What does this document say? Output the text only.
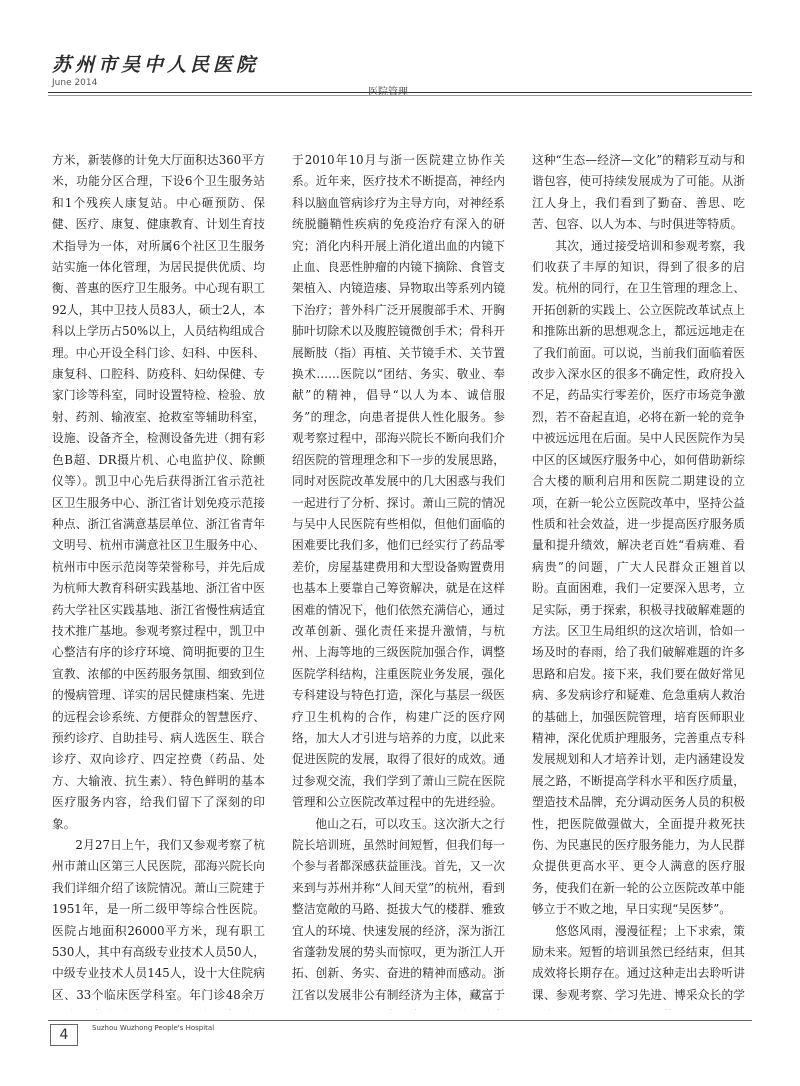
苏州市吴中人民医院
June 2014
医院管理

方米，新装修的计免大厅面积达360平方米，功能分区合理，下设6个卫生服务站和1个残疾人康复站。中心砸预防、保健、医疗、康复、健康教育、计划生育技术指导为一体，对所属6个社区卫生服务站实施一体化管理，为居民提供优质、均衡、普惠的医疗卫生服务。中心现有职工92人，其中卫技人员83人，硕士2人，本科以上学历占50%以上，人员结构组成合理。中心开设全科门诊、妇科、中医科、康复科、口腔科、防疫科、妇幼保健、专家门诊等科室，同时设置特检、检验、放射、药剂、输液室、抢救室等辅助科室，设施、设备齐全，检测设备先进（拥有彩色B超、DR摄片机、心电监护仪、除颤仪等）。凯卫中心先后获得浙江省示范社区卫生服务中心、浙江省计划免疫示范接种点、浙江省满意基层单位、浙江省青年文明号、杭州市满意社区卫生服务中心、杭州市中医示范岗等荣誉称号，并先后成为杭师大教育科研实践基地、浙江省中医药大学社区实践基地、浙江省慢性病适宜技术推广基地。参观考察过程中，凯卫中心整洁有序的诊疗环境、简明扼要的卫生宣教、浓郁的中医药服务氛围、细致到位的慢病管理、详实的居民健康档案、先进的远程会诊系统、方便群众的智慧医疗、预约诊疗、自助挂号、病人选医生、联合诊疗、双向诊疗、四定控费（药品、处方、大输液、抗生素）、特色鲜明的基本医疗服务内容，给我们留下了深刻的印象。

2月27日上午，我们又参观考察了杭州市萧山区第三人民医院，邵海兴院长向我们详细介绍了该院情况。萧山三院建于1951年，是一所二级甲等综合性医院。医院占地面积26000平方米，现有职工530人，其中有高级专业技术人员50人，中级专业技术人员145人，设十大住院病区、33个临床医学科室。年门诊48余万

于2010年10月与浙一医院建立协作关系。近年来，医疗技术不断提高，神经内科以脑血管病诊疗为主导方向，对神经系统脱髓鞘性疾病的免疫治疗有深入的研究；消化内科开展上消化道出血的内镜下止血、良恶性肿瘤的内镜下摘除、食管支架植入、内镜造瘘、异物取出等系列内镜下治疗；普外科广泛开展腹部手术、开胸肺叶切除术以及腹腔镜微创手术；骨科开展断肢（指）再植、关节镜手术、关节置换术……医院以“团结、务实、敬业、奉献”的精神，倡导“以人为本、诚信服务”的理念，向患者提供人性化服务。参观考察过程中，邵海兴院长不断向我们介绍医院的管理理念和下一步的发展思路，同时对医院改革发展中的几大困惑与我们一起进行了分析、探讨。萧山三院的情况与吴中人民医院有些相似，但他们面临的困难要比我们多，他们已经实行了药品零差价，房屋基建费用和大型设备购置费用也基本上要靠自己筹资解决，就是在这样困难的情况下，他们依然充满信心，通过改革创新、强化责任来提升激情，与杭州、上海等地的三级医院加强合作，调整医院学科结构，注重医院业务发展，强化专科建设与特色打造，深化与基层一级医疗卫生机构的合作，构建广泛的医疗网络，加大人才引进与培养的力度，以此来促进医院的发展，取得了很好的成效。通过参观交流，我们学到了萧山三院在医院管理和公立医院改革过程中的先进经验。

他山之石，可以攻玉。这次浙大之行院长培训班，虽然时间短暂，但我们每一个参与者都深感获益匪浅。首先，又一次来到与苏州并称“人间天堂”的杭州，看到整洁宽敞的马路、挺拔大气的楼群、雅致宜人的环境、快速发展的经济，深为浙江省蓬勃发展的势头而惊叹，更为浙江人开拓、创新、务实、奋进的精神而感动。浙江省以发展非公有制经济为主体，藏富于

这种“生态—经济—文化”的精彩互动与和谐包容，使可持续发展成为了可能。从浙江人身上，我们看到了勤奋、善思、吃苦、包容、以人为本、与时俱进等特质。

其次，通过接受培训和参观考察，我们收获了丰厚的知识，得到了很多的启发。杭州的同行，在卫生管理的理念上、开拓创新的实践上、公立医院改革试点上和推陈出新的思想观念上，都远远地走在了我们前面。可以说，当前我们面临着医改步入深水区的很多不确定性，政府投入不足，药品实行零差价，医疗市场竞争激烈，若不奋起直追，必将在新一轮的竞争中被远远甩在后面。吴中人民医院作为吴中区的区域医疗服务中心，如何借助新综合大楼的顺利启用和医院二期建设的立项，在新一轮公立医院改革中，坚持公益性质和社会效益，进一步提高医疗服务质量和提升绩效，解决老百姓“看病难、看病贵”的问题，广大人民群众正翘首以盼。直面困难，我们一定要深入思考，立足实际，勇于探索，积极寻找破解难题的方法。区卫生局组织的这次培训，恰如一场及时的春雨，给了我们破解难题的许多思路和启发。接下来，我们要在做好常见病、多发病诊疗和疑难、危急重病人救治的基础上，加强医院管理，培育医师职业精神，深化优质护理服务，完善重点专科发展规划和人才培养计划，走内涵建设发展之路，不断提高学科水平和医疗质量，塑造技术品牌，充分调动医务人员的积极性，把医院做强做大，全面提升救死扶伤、为民惠民的医疗服务能力，为人民群众提供更高水平、更令人满意的医疗服务，使我们在新一轮的公立医院改革中能够立于不败之地，早日实现“吴医梦”。

悠悠风雨，漫漫征程；上下求索，策励未来。短暂的培训虽然已经结束，但其成效将长期存在。通过这种走出去聆听讲课、参观考察、学习先进、博采众长的学

4	Suzhou Wuzhong People's Hospital
